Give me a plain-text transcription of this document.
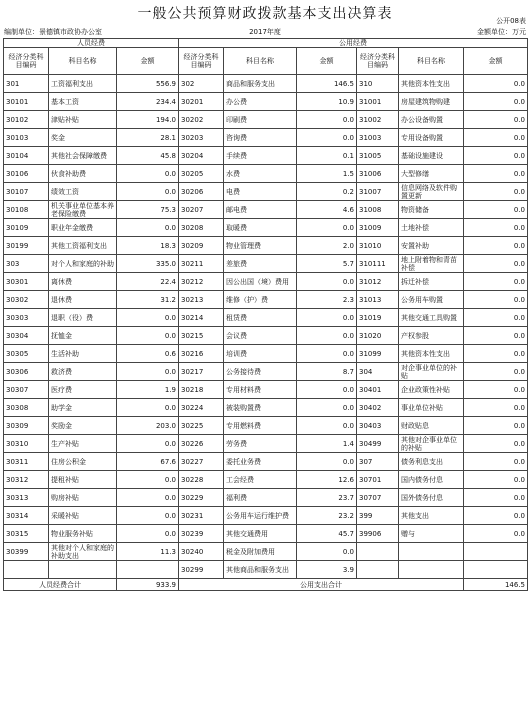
一般公共预算财政拨款基本支出决算表	公开08表
编制单位：景德镇市政协办公室	2017年度	金额单位：万元
人员经费			公用经费					
经济分类科目编码	科目名称	金额	经济分类科目编码	科目名称	金额	经济分类科目编码	科目名称	金额
301	工资福利支出	556.9	302	商品和服务支出	146.5	310	其他资本性支出	0.0
30101	基本工资	234.4	30201	办公费	10.9	31001	房屋建筑物购建	0.0
30102	津贴补贴	194.0	30202	印刷费	0.0	31002	办公设备购置	0.0
30103	奖金	28.1	30203	咨询费	0.0	31003	专用设备购置	0.0
30104	其他社会保障缴费	45.8	30204	手续费	0.1	31005	基础设施建设	0.0
30106	伙食补助费	0.0	30205	水费	1.5	31006	大型修缮	0.0
30107	绩效工资	0.0	30206	电费	0.2	31007	信息网络及软件购置更新	0.0
30108	机关事业单位基本养老保险缴费	75.3	30207	邮电费	4.6	31008	物资储备	0.0
30109	职业年金缴费	0.0	30208	取暖费	0.0	31009	土地补偿	0.0
30199	其他工资福利支出	18.3	30209	物业管理费	2.0	31010	安置补助	0.0
303	对个人和家庭的补助	335.0	30211	差旅费	5.7	310111	地上附着物和青苗补偿	0.0
30301	离休费	22.4	30212	因公出国（境）费用	0.0	31012	拆迁补偿	0.0
30302	退休费	31.2	30213	维修（护）费	2.3	31013	公务用车购置	0.0
30303	退职（役）费	0.0	30214	租赁费	0.0	31019	其他交通工具购置	0.0
30304	抚恤金	0.0	30215	会议费	0.0	31020	产权参股	0.0
30305	生活补助	0.6	30216	培训费	0.0	31099	其他资本性支出	0.0
30306	救济费	0.0	30217	公务接待费	8.7	304	对企事业单位的补贴	0.0
30307	医疗费	1.9	30218	专用材料费	0.0	30401	企业政策性补贴	0.0
30308	助学金	0.0	30224	被装购置费	0.0	30402	事业单位补贴	0.0
30309	奖励金	203.0	30225	专用燃料费	0.0	30403	财政贴息	0.0
30310	生产补贴	0.0	30226	劳务费	1.4	30499	其他对企事业单位的补贴	0.0
30311	住房公积金	67.6	30227	委托业务费	0.0	307	债务利息支出	0.0
30312	提租补贴	0.0	30228	工会经费	12.6	30701	国内债务付息	0.0
30313	购房补贴	0.0	30229	福利费	23.7	30707	国外债务付息	0.0
30314	采暖补贴	0.0	30231	公务用车运行维护费	23.2	399	其他支出	0.0
30315	物业服务补贴	0.0	30239	其他交通费用	45.7	39906	赠与	0.0
30399	其他对个人和家庭的补助支出	11.3	30240	税金及附加费用	0.0			
			30299	其他商品和服务支出	3.9			
人员经费合计		933.9	公用支出合计					146.5
